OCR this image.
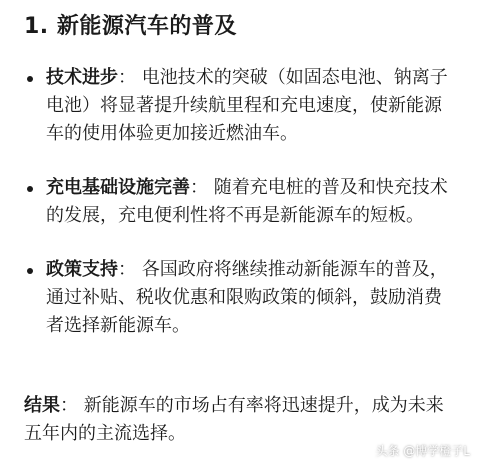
1. 新能源汽车的普及
技术进步： 电池技术的突破（如固态电池、钠离子电池）将显著提升续航里程和充电速度，使新能源车的使用体验更加接近燃油车。
充电基础设施完善： 随着充电桩的普及和快充技术的发展，充电便利性将不再是新能源车的短板。
政策支持： 各国政府将继续推动新能源车的普及，通过补贴、税收优惠和限购政策的倾斜，鼓励消费者选择新能源车。
结果： 新能源车的市场占有率将迅速提升，成为未来五年内的主流选择。
头条 @博学橙子L
